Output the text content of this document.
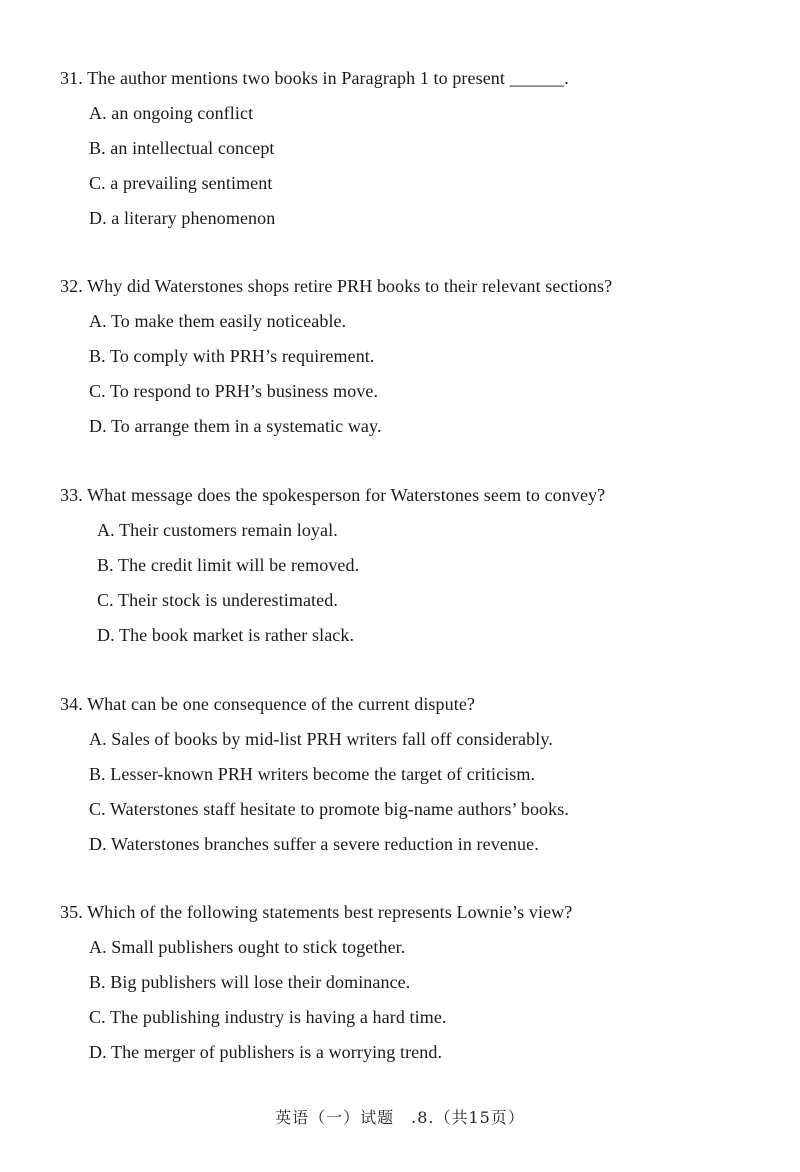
31. The author mentions two books in Paragraph 1 to present ______.
A. an ongoing conflict
B. an intellectual concept
C. a prevailing sentiment
D. a literary phenomenon
32. Why did Waterstones shops retire PRH books to their relevant sections?
A. To make them easily noticeable.
B. To comply with PRH’s requirement.
C. To respond to PRH’s business move.
D. To arrange them in a systematic way.
33. What message does the spokesperson for Waterstones seem to convey?
A. Their customers remain loyal.
B. The credit limit will be removed.
C. Their stock is underestimated.
D. The book market is rather slack.
34. What can be one consequence of the current dispute?
A. Sales of books by mid-list PRH writers fall off considerably.
B. Lesser-known PRH writers become the target of criticism.
C. Waterstones staff hesitate to promote big-name authors’ books.
D. Waterstones branches suffer a severe reduction in revenue.
35. Which of the following statements best represents Lownie’s view?
A. Small publishers ought to stick together.
B. Big publishers will lose their dominance.
C. The publishing industry is having a hard time.
D. The merger of publishers is a worrying trend.
英语（一）试题　.8.（共15页）
